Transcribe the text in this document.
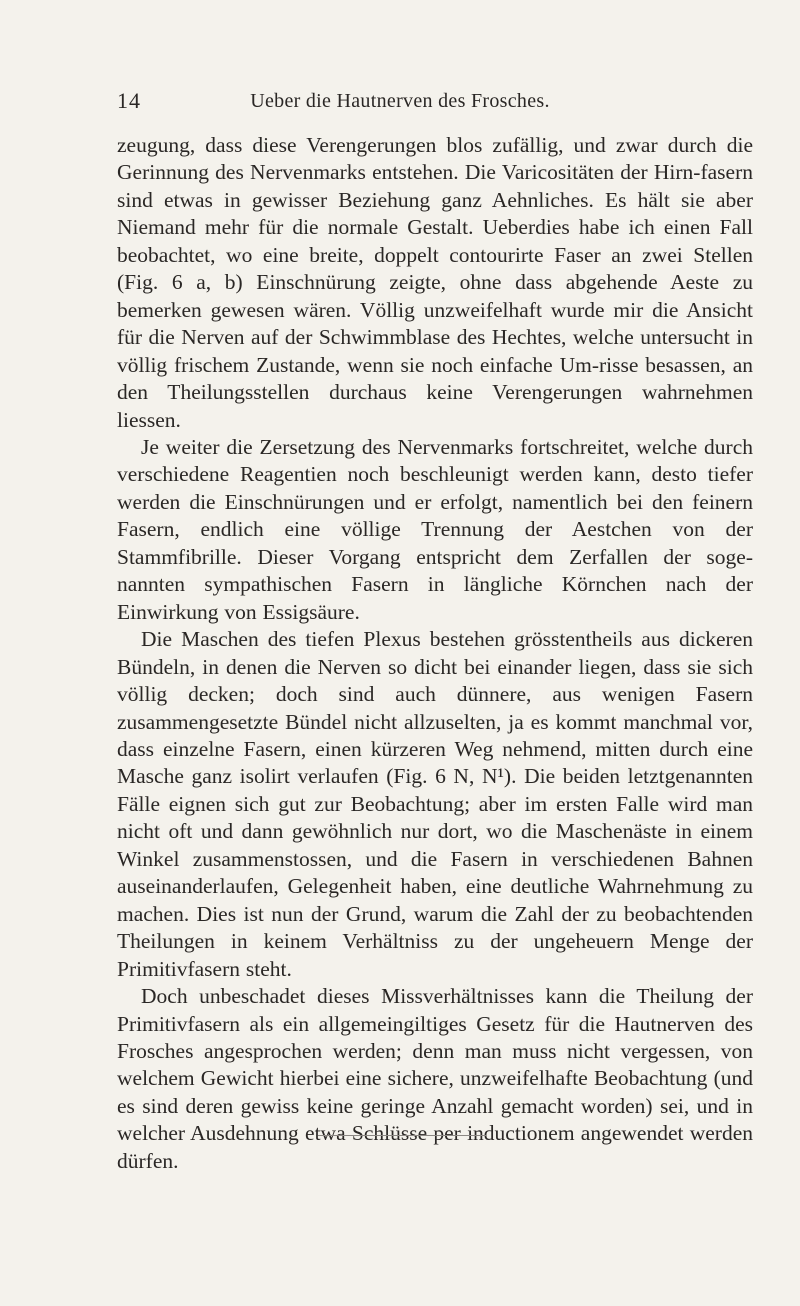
14	Ueber die Hautnerven des Frosches.

zeugung, dass diese Verengerungen blos zufällig, und zwar durch die Gerinnung des Nervenmarks entstehen. Die Varicositäten der Hirn-fasern sind etwas in gewisser Beziehung ganz Aehnliches. Es hält sie aber Niemand mehr für die normale Gestalt. Ueberdies habe ich einen Fall beobachtet, wo eine breite, doppelt contourirte Faser an zwei Stellen (Fig. 6 a, b) Einschnürung zeigte, ohne dass abgehende Aeste zu bemerken gewesen wären. Völlig unzweifelhaft wurde mir die Ansicht für die Nerven auf der Schwimmblase des Hechtes, welche untersucht in völlig frischem Zustande, wenn sie noch einfache Um-risse besassen, an den Theilungsstellen durchaus keine Verengerungen wahrnehmen liessen.

Je weiter die Zersetzung des Nervenmarks fortschreitet, welche durch verschiedene Reagentien noch beschleunigt werden kann, desto tiefer werden die Einschnürungen und er erfolgt, namentlich bei den feinern Fasern, endlich eine völlige Trennung der Aestchen von der Stammfibrille. Dieser Vorgang entspricht dem Zerfallen der soge-nannten sympathischen Fasern in längliche Körnchen nach der Einwirkung von Essigsäure.

Die Maschen des tiefen Plexus bestehen grösstentheils aus dickeren Bündeln, in denen die Nerven so dicht bei einander liegen, dass sie sich völlig decken; doch sind auch dünnere, aus wenigen Fasern zusammengesetzte Bündel nicht allzuselten, ja es kommt manchmal vor, dass einzelne Fasern, einen kürzeren Weg nehmend, mitten durch eine Masche ganz isolirt verlaufen (Fig. 6 N, N¹). Die beiden letztgenannten Fälle eignen sich gut zur Beobachtung; aber im ersten Falle wird man nicht oft und dann gewöhnlich nur dort, wo die Maschenäste in einem Winkel zusammenstossen, und die Fasern in verschiedenen Bahnen auseinanderlaufen, Gelegenheit haben, eine deutliche Wahrnehmung zu machen. Dies ist nun der Grund, warum die Zahl der zu beobachtenden Theilungen in keinem Verhältniss zu der ungeheuern Menge der Primitivfasern steht.

Doch unbeschadet dieses Missverhältnisses kann die Theilung der Primitivfasern als ein allgemeingiltiges Gesetz für die Hautnerven des Frosches angesprochen werden; denn man muss nicht vergessen, von welchem Gewicht hierbei eine sichere, unzweifelhafte Beobachtung (und es sind deren gewiss keine geringe Anzahl gemacht worden) sei, und in welcher Ausdehnung etwa Schlüsse per inductionem angewendet werden dürfen.
